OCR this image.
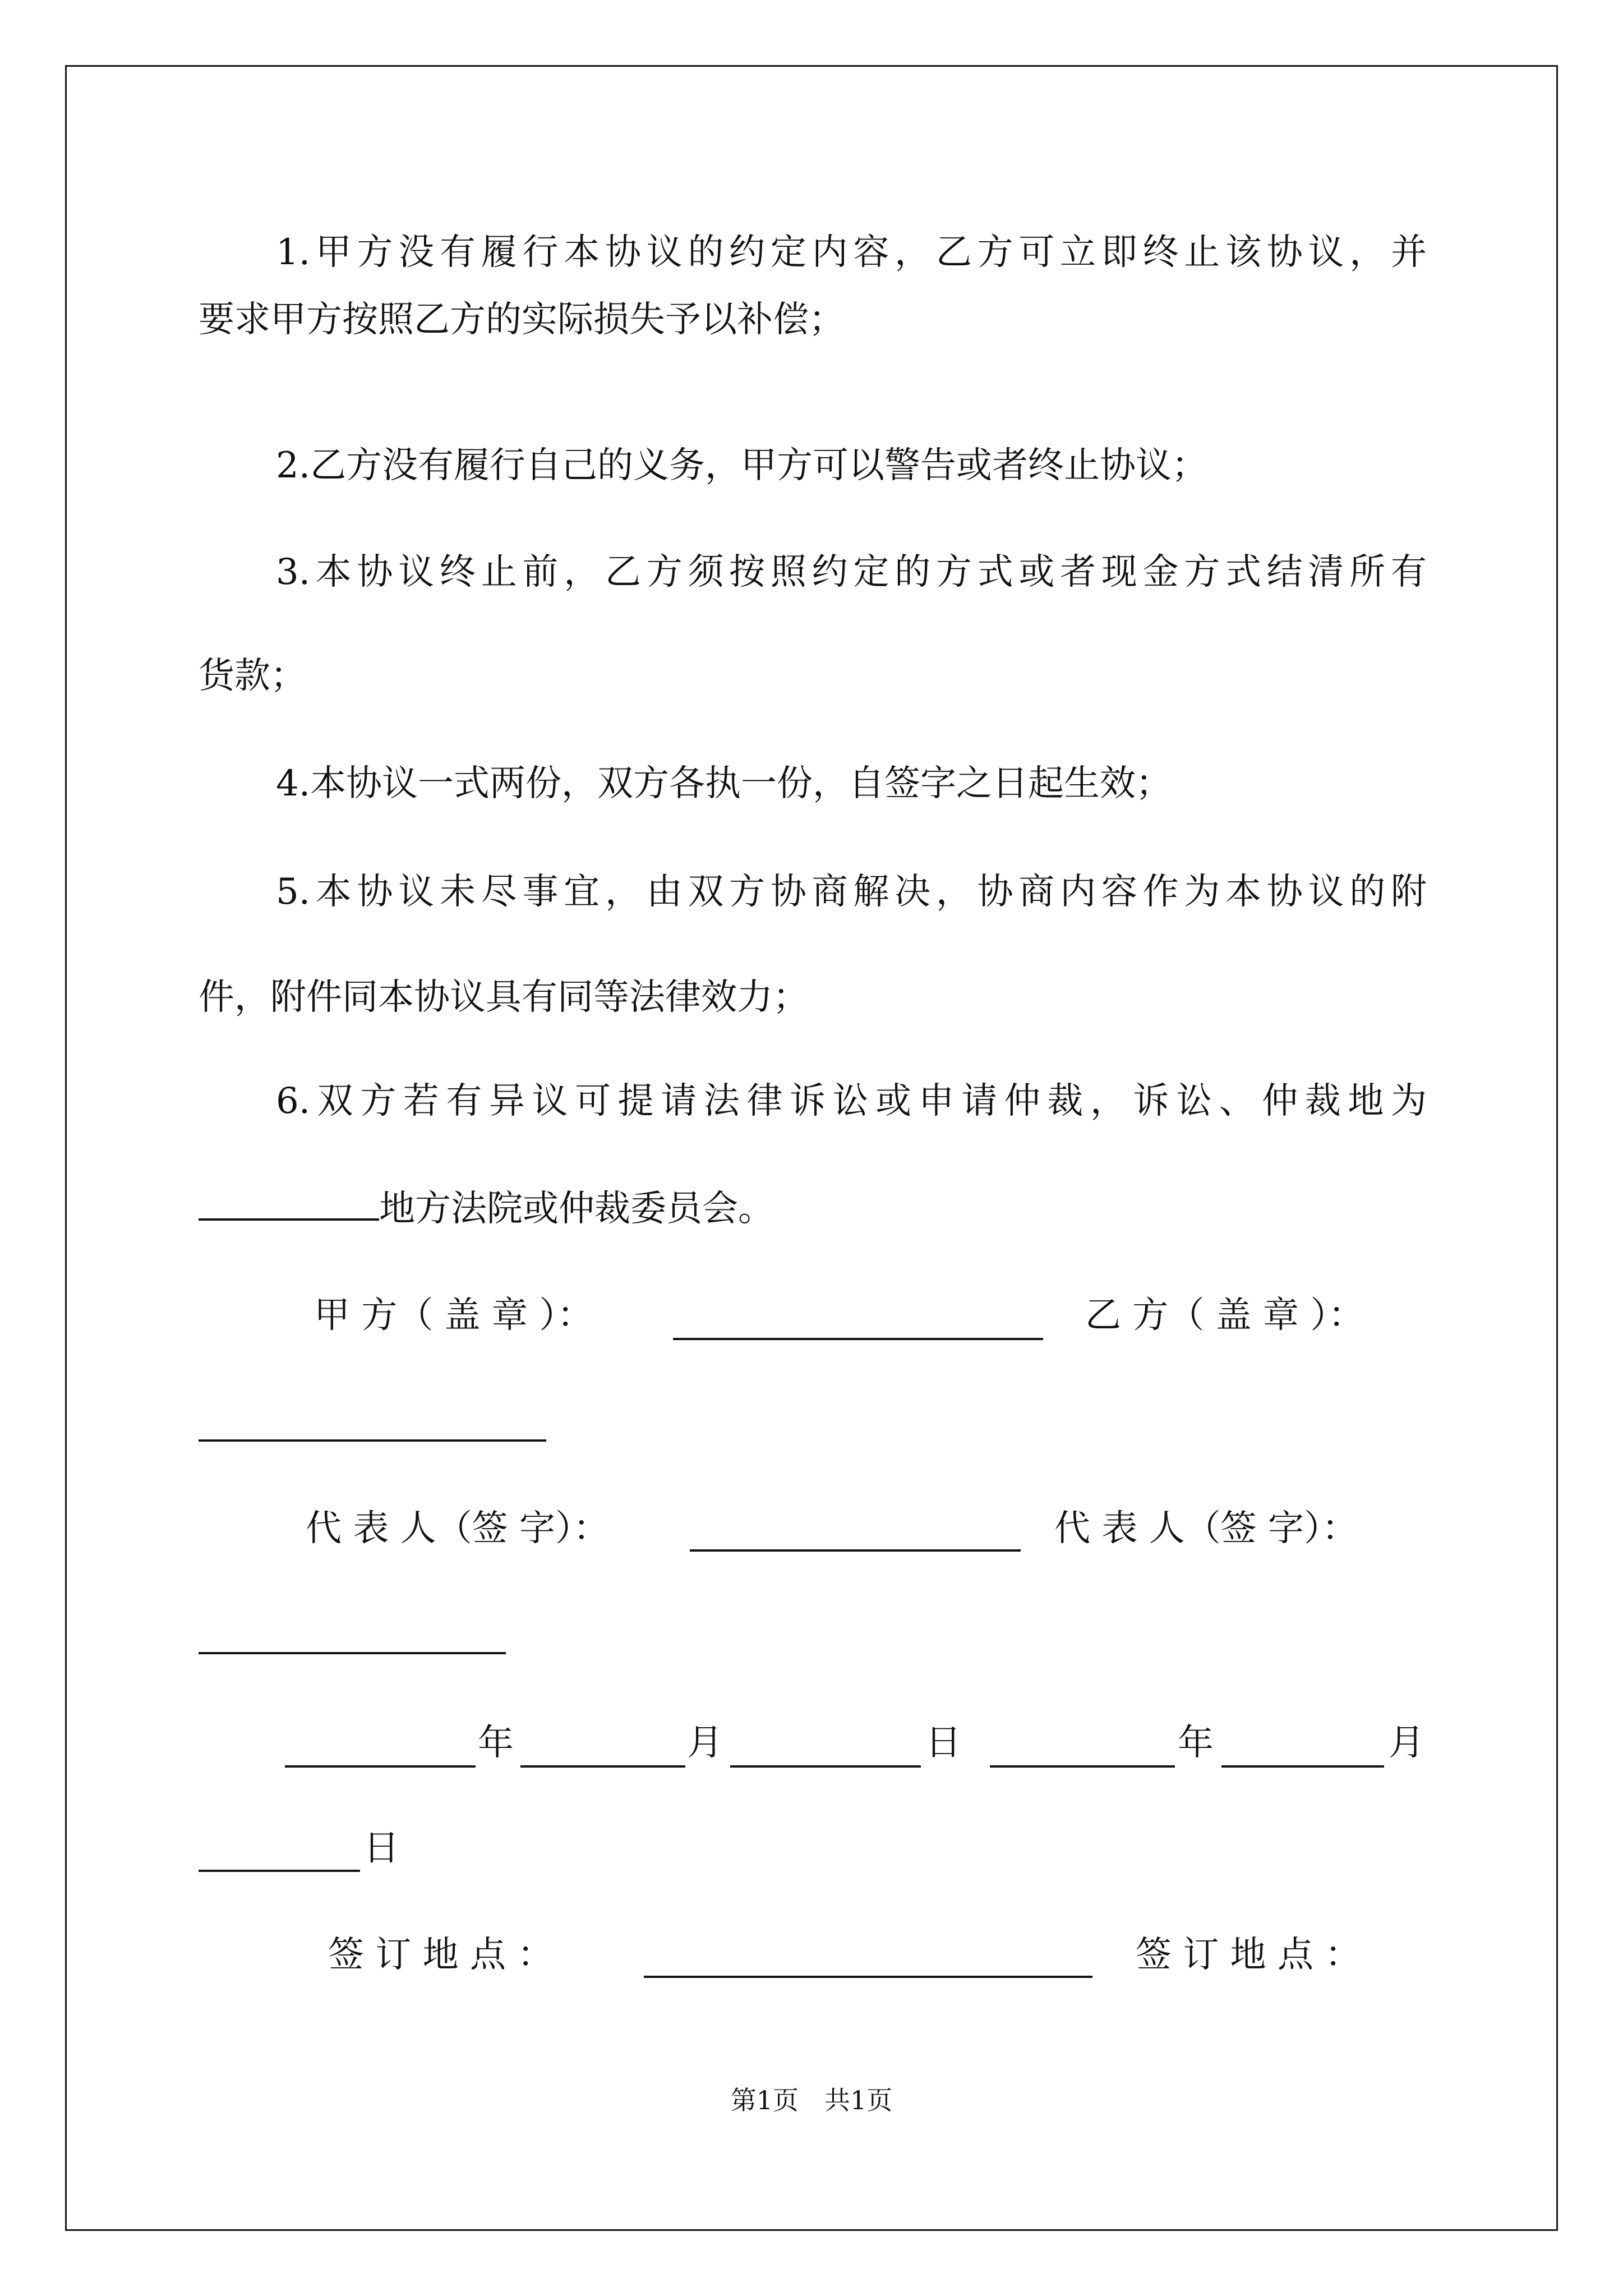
1.甲方没有履行本协议的约定内容，乙方可立即终止该协议，并
要求甲方按照乙方的实际损失予以补偿；
2.乙方没有履行自己的义务，甲方可以警告或者终止协议；
3.本协议终止前，乙方须按照约定的方式或者现金方式结清所有
货款；
4.本协议一式两份，双方各执一份，自签字之日起生效；
5.本协议未尽事宜，由双方协商解决，协商内容作为本协议的附
件，附件同本协议具有同等法律效力；
6.双方若有异议可提请法律诉讼或申请仲裁，诉讼、仲裁地为
地方法院或仲裁委员会。
甲 方（ 盖 章 ）：	乙 方（ 盖 章 ）：
代 表 人（签 字）：	代 表 人（签 字）：
年	月	日	年	月
日
签 订 地 点 ：	签 订 地 点 ：
第1页　共1页
